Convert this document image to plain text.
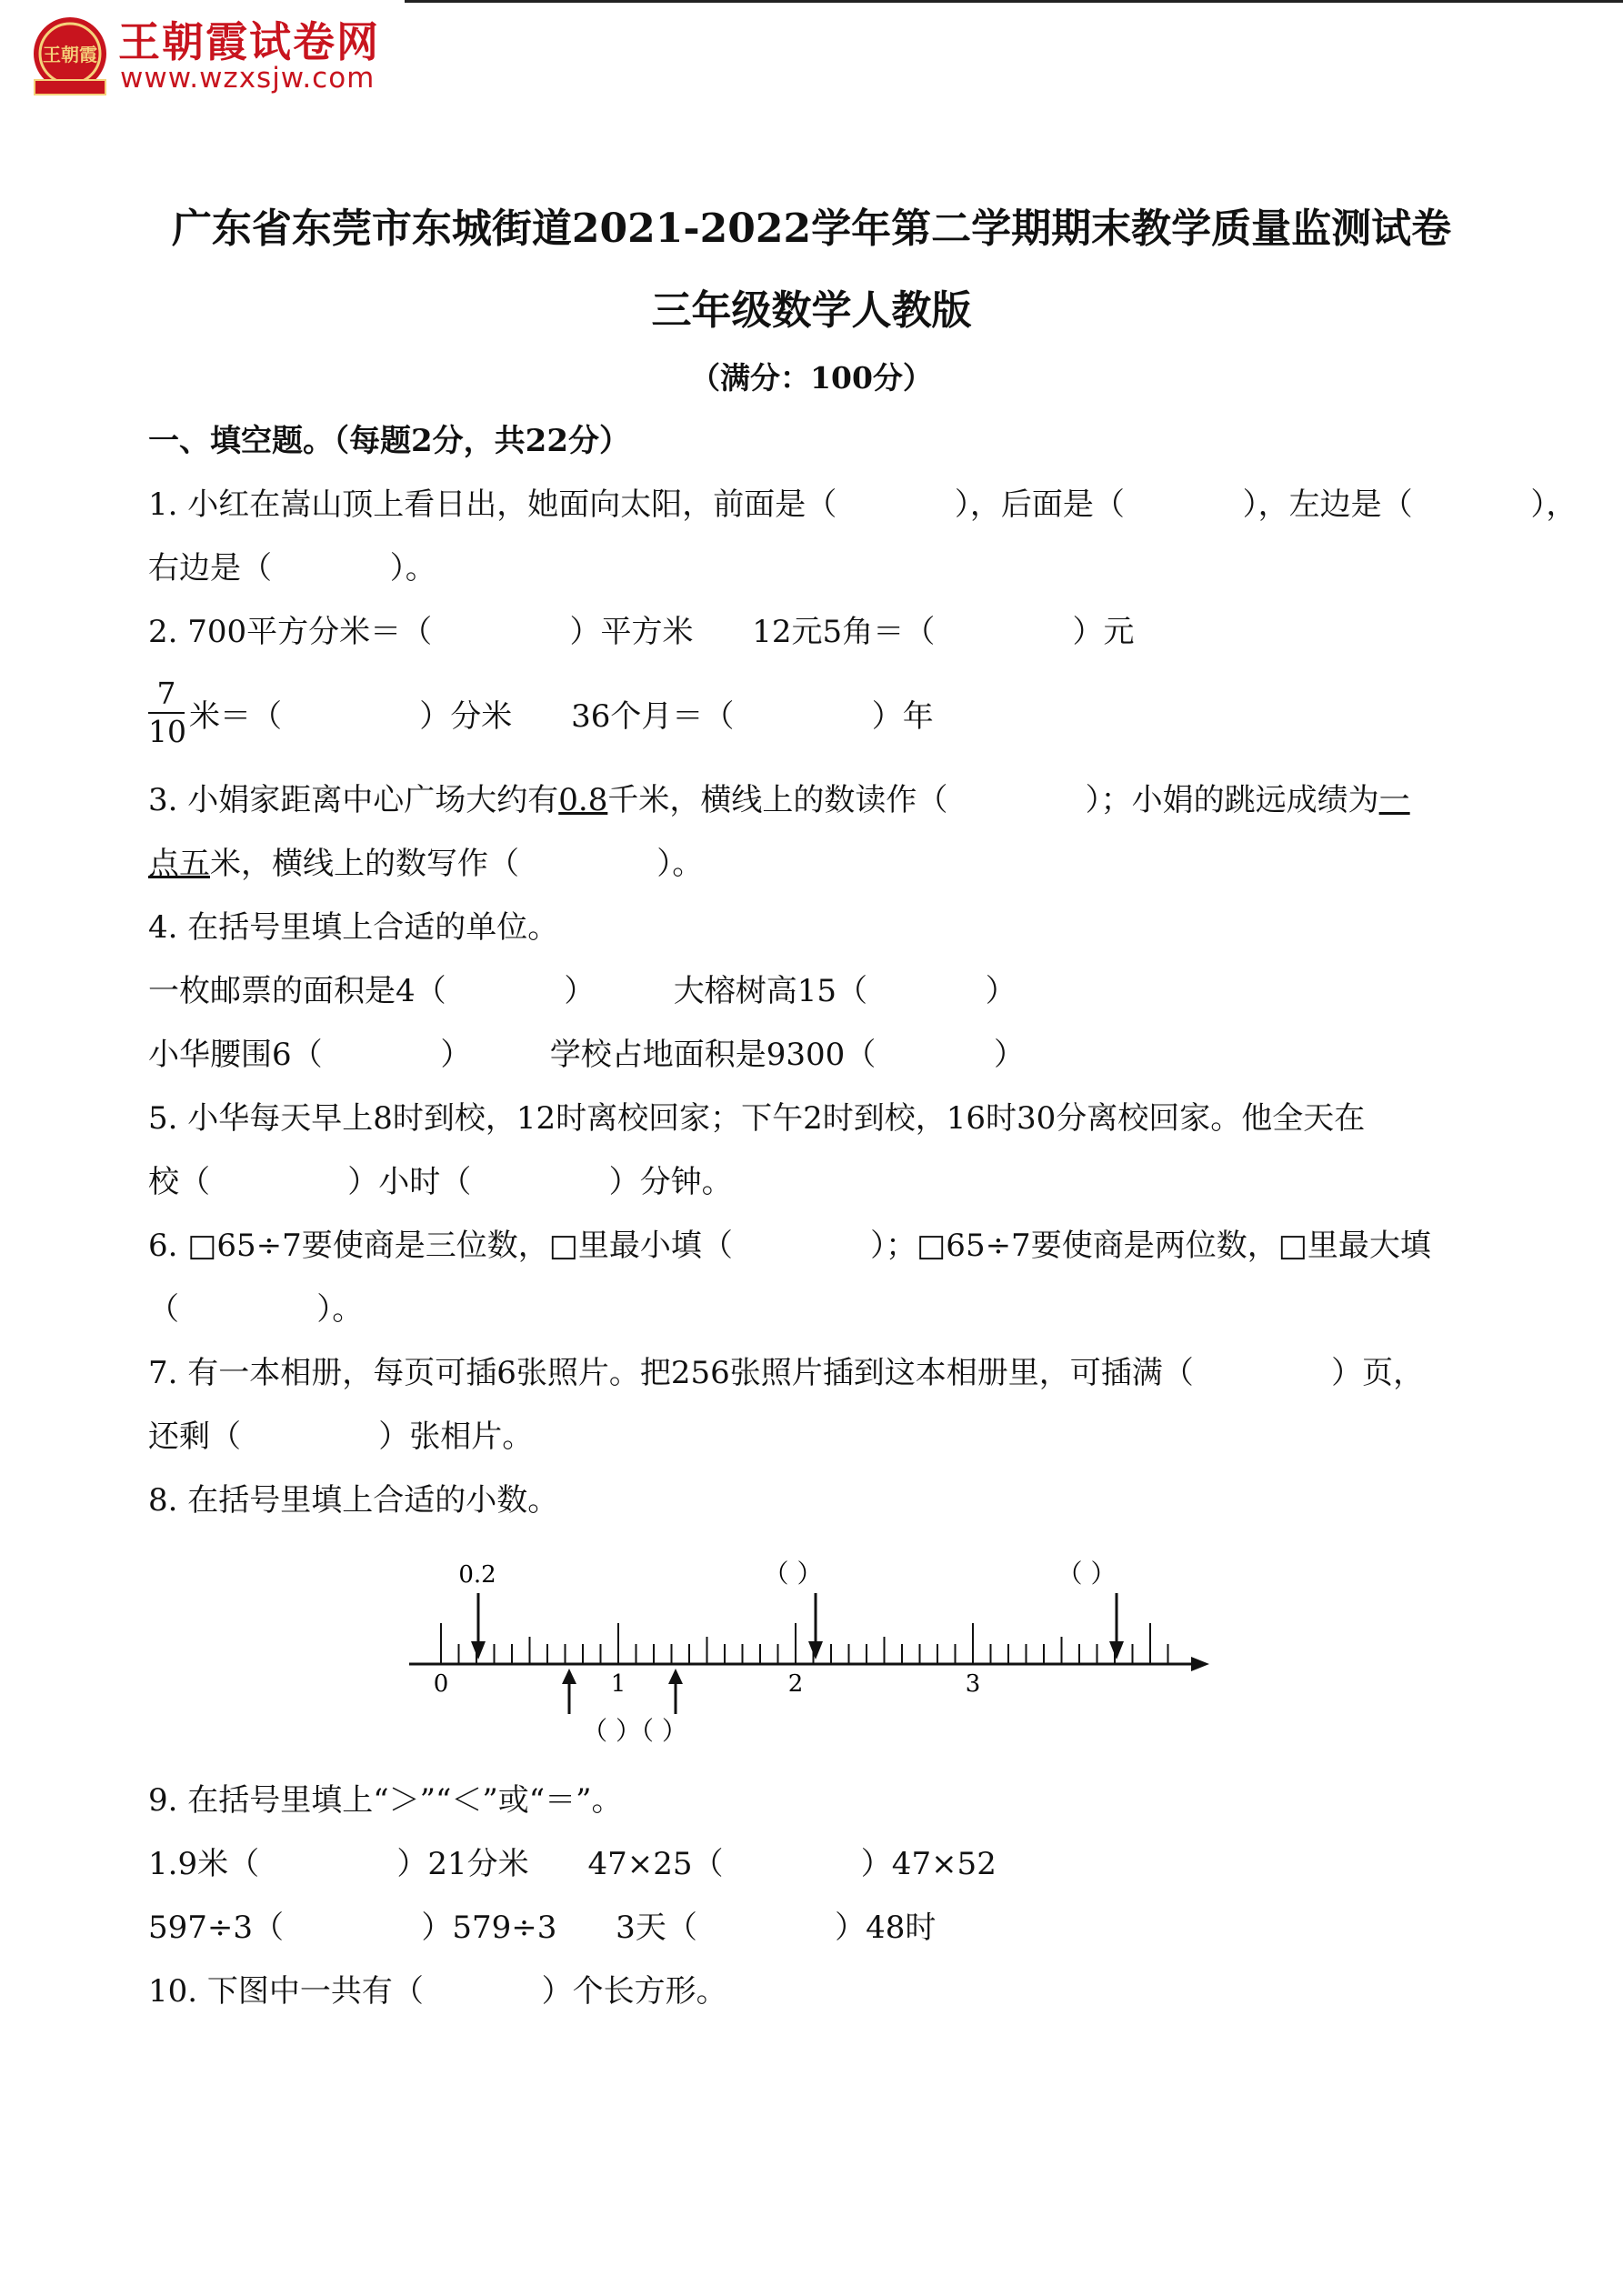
王朝霞 王朝霞试卷网
www.wzxsjw.com
广东省东莞市东城街道2021-2022学年第二学期期末教学质量监测试卷
三年级数学人教版
（满分：100分）
一、填空题。（每题2分，共22分）
1. 小红在嵩山顶上看日出，她面向太阳，前面是（            ），后面是（            ），左边是（            ），
右边是（            ）。
2. 700平方分米＝（              ）平方米      12元5角＝（              ）元
7
10 米＝（              ）分米      36个月＝（              ）年
3. 小娟家距离中心广场大约有0.8千米，横线上的数读作（              ）；小娟的跳远成绩为一
点五米，横线上的数写作（              ）。
4. 在括号里填上合适的单位。
一枚邮票的面积是4（            ）        大榕树高15（            ）
小华腰围6（            ）        学校占地面积是9300（            ）
5. 小华每天早上8时到校，12时离校回家；下午2时到校，16时30分离校回家。他全天在
校（              ）小时（              ）分钟。
6. □65÷7要使商是三位数，□里最小填（              ）；□65÷7要使商是两位数，□里最大填
（              ）。
7. 有一本相册，每页可插6张照片。把256张照片插到这本相册里，可插满（              ）页，
还剩（              ）张相片。
8. 在括号里填上合适的小数。
0	1	2	3
0.2	（ ）	（ ）
（ ）（ ）
9. 在括号里填上“＞”“＜”或“＝”。
1.9米（              ）21分米      47×25（              ）47×52
597÷3（              ）579÷3      3天（              ）48时
10. 下图中一共有（            ）个长方形。
